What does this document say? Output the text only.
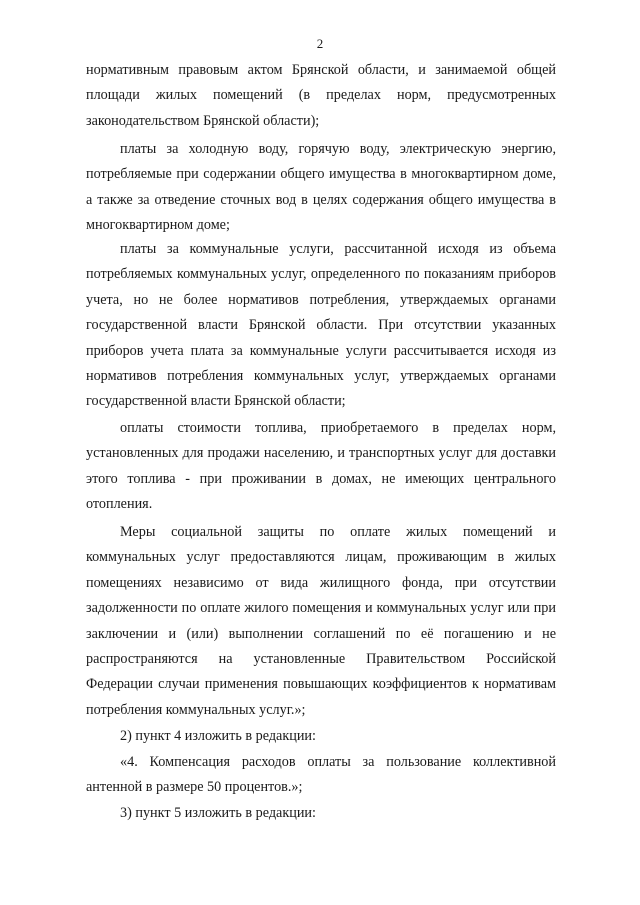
2

нормативным правовым актом Брянской области, и занимаемой общей площади жилых помещений (в пределах норм, предусмотренных законодательством Брянской области);

платы за холодную воду, горячую воду, электрическую энергию, потребляемые при содержании общего имущества в многоквартирном доме, а также за отведение сточных вод в целях содержания общего имущества в многоквартирном доме;

платы за коммунальные услуги, рассчитанной исходя из объема потребляемых коммунальных услуг, определенного по показаниям приборов учета, но не более нормативов потребления, утверждаемых органами государственной власти Брянской области. При отсутствии указанных приборов учета плата за коммунальные услуги рассчитывается исходя из нормативов потребления коммунальных услуг, утверждаемых органами государственной власти Брянской области;

оплаты стоимости топлива, приобретаемого в пределах норм, установленных для продажи населению, и транспортных услуг для доставки этого топлива - при проживании в домах, не имеющих центрального отопления.

Меры социальной защиты по оплате жилых помещений и коммунальных услуг предоставляются лицам, проживающим в жилых помещениях независимо от вида жилищного фонда, при отсутствии задолженности по оплате жилого помещения и коммунальных услуг или при заключении и (или) выполнении соглашений по её погашению и не распространяются на установленные Правительством Российской Федерации случаи применения повышающих коэффициентов к нормативам потребления коммунальных услуг.»;

2) пункт 4 изложить в редакции:

«4. Компенсация расходов оплаты за пользование коллективной антенной в размере 50 процентов.»;

3) пункт 5 изложить в редакции:
